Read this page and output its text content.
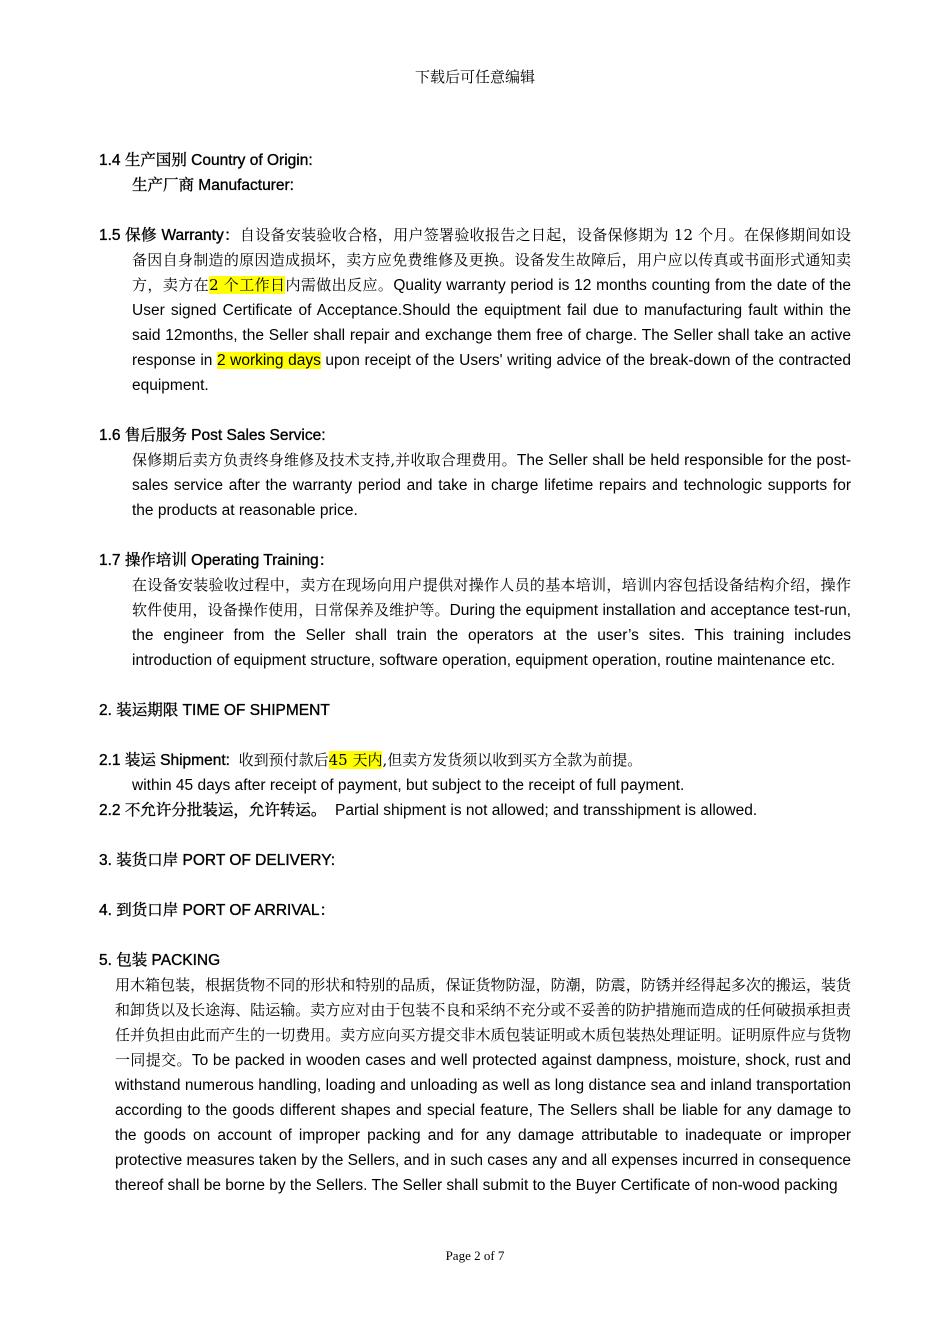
下载后可任意编辑
1.4 生产国别 Country of Origin:
生产厂商 Manufacturer:
1.5 保修 Warranty：自设备安装验收合格，用户签署验收报告之日起，设备保修期为 12 个月。在保修期间如设备因自身制造的原因造成损坏，卖方应免费维修及更换。设备发生故障后，用户应以传真或书面形式通知卖方，卖方在2 个工作日内需做出反应。Quality warranty period is 12 months counting from the date of the User signed Certificate of Acceptance.Should the equiptment fail due to manufacturing fault within the said 12months, the Seller shall repair and exchange them free of charge. The Seller shall take an active response in 2 working days upon receipt of the Users' writing advice of the break-down of the contracted equipment.
1.6 售后服务 Post Sales Service:
保修期后卖方负责终身维修及技术支持,并收取合理费用。The Seller shall be held responsible for the post-sales service after the warranty period and take in charge lifetime repairs and technologic supports for the products at reasonable price.
1.7 操作培训 Operating Training：
在设备安装验收过程中，卖方在现场向用户提供对操作人员的基本培训，培训内容包括设备结构介绍，操作软件使用，设备操作使用，日常保养及维护等。During the equipment installation and acceptance test-run, the engineer from the Seller shall train the operators at the user’s sites. This training includes introduction of equipment structure, software operation, equipment operation, routine maintenance etc.
2. 装运期限 TIME OF SHIPMENT
2.1 装运 Shipment: 收到预付款后45 天内,但卖方发货须以收到买方全款为前提。
within 45 days after receipt of payment, but subject to the receipt of full payment.
2.2 不允许分批装运，允许转运。 Partial shipment is not allowed; and transshipment is allowed.
3. 装货口岸 PORT OF DELIVERY:
4. 到货口岸 PORT OF ARRIVAL：
5. 包装 PACKING
用木箱包装，根据货物不同的形状和特别的品质，保证货物防湿，防潮，防震，防锈并经得起多次的搬运，装货和卸货以及长途海、陆运输。卖方应对由于包装不良和采纳不充分或不妥善的防护措施而造成的任何破损承担责任并负担由此而产生的一切费用。卖方应向买方提交非木质包装证明或木质包装热处理证明。证明原件应与货物一同提交。To be packed in wooden cases and well protected against dampness, moisture, shock, rust and withstand numerous handling, loading and unloading as well as long distance sea and inland transportation according to the goods different shapes and special feature, The Sellers shall be liable for any damage to the goods on account of improper packing and for any damage attributable to inadequate or improper protective measures taken by the Sellers, and in such cases any and all expenses incurred in consequence thereof shall be borne by the Sellers. The Seller shall submit to the Buyer Certificate of non-wood packing
Page 2 of 7
